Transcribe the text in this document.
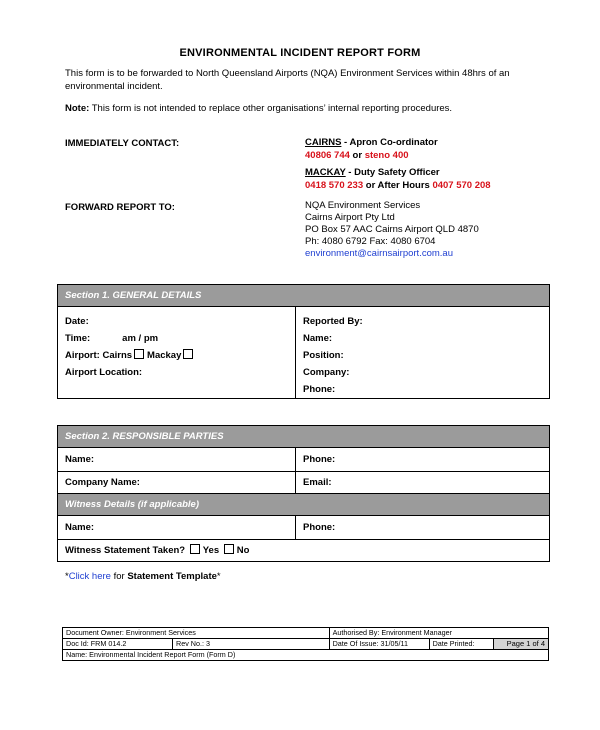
ENVIRONMENTAL INCIDENT REPORT FORM
This form is to be forwarded to North Queensland Airports (NQA) Environment Services within 48hrs of an environmental incident.
Note: This form is not intended to replace other organisations’ internal reporting procedures.
IMMEDIATELY CONTACT:	CAIRNS - Apron Co-ordinator
40806 744 or steno 400
MACKAY - Duty Safety Officer
0418 570 233 or After Hours 0407 570 208
FORWARD REPORT TO:	NQA Environment Services
Cairns Airport Pty Ltd
PO Box 57 AAC Cairns Airport QLD 4870
Ph: 4080 6792 Fax: 4080 6704
environment@cairnsairport.com.au
Section 1. GENERAL DETAILS
Date:
Time:	am / pm
Airport: Cairns Mackay
Airport Location:
Reported By:
Name:
Position:
Company:
Phone:
Section 2. RESPONSIBLE PARTIES
Name:	Phone:
Company Name:	Email:
Witness Details (if applicable)
Name:	Phone:
Witness Statement Taken? Yes No
*Click here for Statement Template*
Document Owner: Environment Services		Authorised By: Environment Manager		
Doc Id: FRM 014.2	Rev No.: 3	Date Of Issue: 31/05/11	Date Printed:	Page 1 of 4
Name: Environmental Incident Report Form (Form D)				
